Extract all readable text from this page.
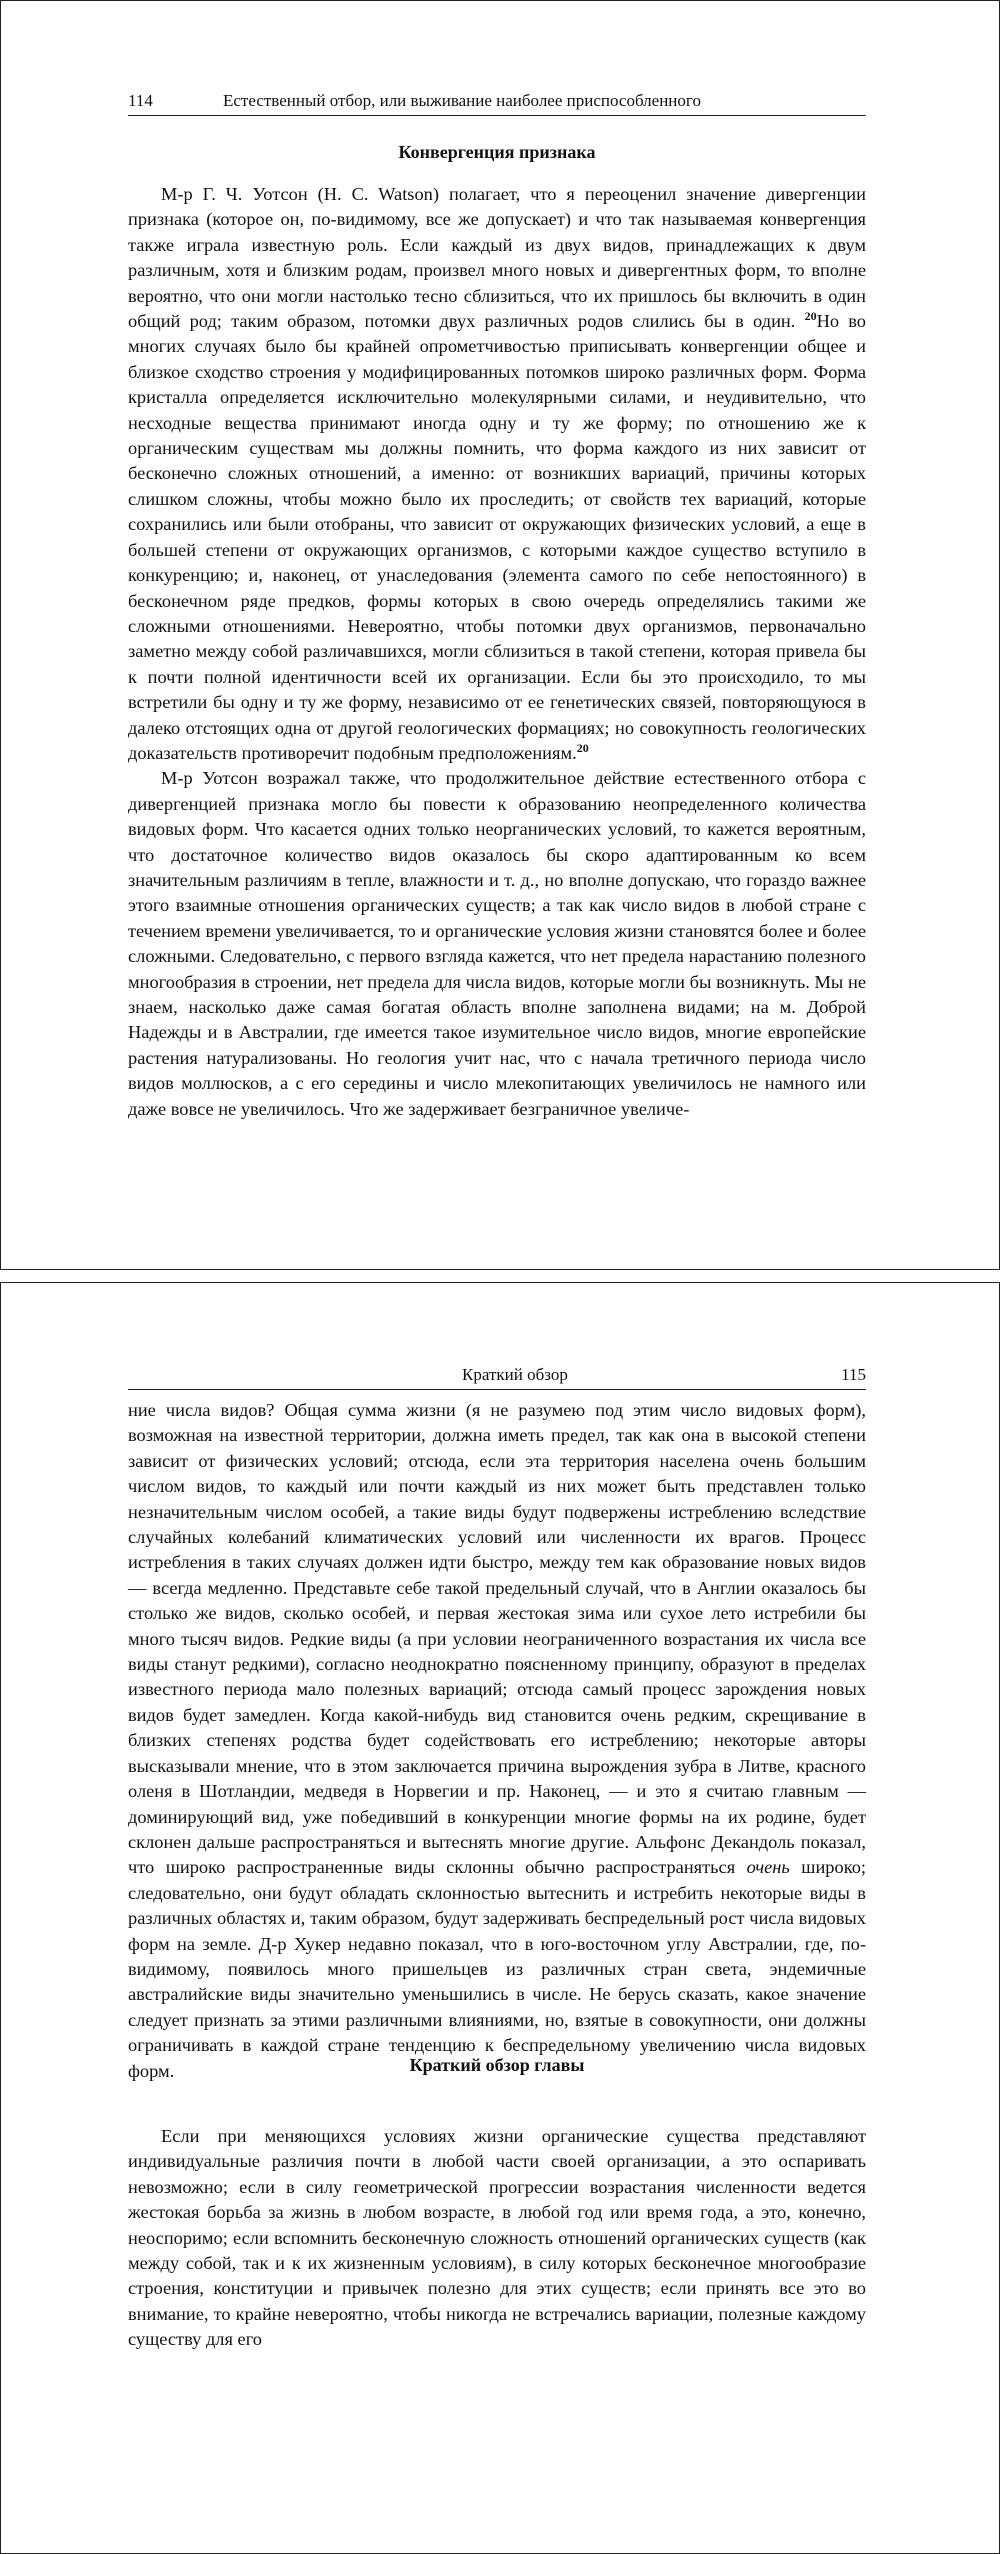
114	Естественный отбор, или выживание наиболее приспособленного
Конвергенция признака

М-р Г. Ч. Уотсон (H. C. Watson) полагает, что я переоценил значение дивергенции признака (которое он, по-видимому, все же допускает) и что так называемая конвергенция также играла известную роль. Если каждый из двух видов, принадлежащих к двум различным, хотя и близким родам, произвел много новых и дивергентных форм, то вполне вероятно, что они могли настолько тесно сблизиться, что их пришлось бы включить в один общий род; таким образом, потомки двух различных родов слились бы в один. $^{20}$Но во многих случаях было бы крайней опрометчивостью приписывать конвергенции общее и близкое сходство строения у модифицированных потомков широко различных форм. Форма кристалла определяется исключительно молекулярными силами, и неудивительно, что несходные вещества принимают иногда одну и ту же форму; по отношению же к органическим существам мы должны помнить, что форма каждого из них зависит от бесконечно сложных отношений, а именно: от возникших вариаций, причины которых слишком сложны, чтобы можно было их проследить; от свойств тех вариаций, которые сохранились или были отобраны, что зависит от окружающих физических условий, а еще в большей степени от окружающих организмов, с которыми каждое существо вступило в конкуренцию; и, наконец, от унаследования (элемента самого по себе непостоянного) в бесконечном ряде предков, формы которых в свою очередь определялись такими же сложными отношениями. Невероятно, чтобы потомки двух организмов, первоначально заметно между собой различавшихся, могли сблизиться в такой степени, которая привела бы к почти полной идентичности всей их организации. Если бы это происходило, то мы встретили бы одну и ту же форму, независимо от ее генетических связей, повторяющуюся в далеко отстоящих одна от другой геологических формациях; но совокупность геологических доказательств противоречит подобным предположениям.$^{20}$

М-р Уотсон возражал также, что продолжительное действие естественного отбора с дивергенцией признака могло бы повести к образованию неопределенного количества видовых форм. Что касается одних только неорганических условий, то кажется вероятным, что достаточное количество видов оказалось бы скоро адаптированным ко всем значительным различиям в тепле, влажности и т. д., но вполне допускаю, что гораздо важнее этого взаимные отношения органических существ; а так как число видов в любой стране с течением времени увеличивается, то и органические условия жизни становятся более и более сложными. Следовательно, с первого взгляда кажется, что нет предела нарастанию полезного многообразия в строении, нет предела для числа видов, которые могли бы возникнуть. Мы не знаем, насколько даже самая богатая область вполне заполнена видами; на м. Доброй Надежды и в Австралии, где имеется такое изумительное число видов, многие европейские растения натурализованы. Но геология учит нас, что с начала третичного периода число видов моллюсков, а с его середины и число млекопитающих увеличилось не намного или даже вовсе не увеличилось. Что же задерживает безграничное увеличе-

Краткий обзор	115

ние числа видов? Общая сумма жизни (я не разумею под этим число видовых форм), возможная на известной территории, должна иметь предел, так как она в высокой степени зависит от физических условий; отсюда, если эта территория населена очень большим числом видов, то каждый или почти каждый из них может быть представлен только незначительным числом особей, а такие виды будут подвержены истреблению вследствие случайных колебаний климатических условий или численности их врагов. Процесс истребления в таких случаях должен идти быстро, между тем как образование новых видов — всегда медленно. Представьте себе такой предельный случай, что в Англии оказалось бы столько же видов, сколько особей, и первая жестокая зима или сухое лето истребили бы много тысяч видов. Редкие виды (а при условии неограниченного возрастания их числа все виды станут редкими), согласно неоднократно поясненному принципу, образуют в пределах известного периода мало полезных вариаций; отсюда самый процесс зарождения новых видов будет замедлен. Когда какой-нибудь вид становится очень редким, скрещивание в близких степенях родства будет содействовать его истреблению; некоторые авторы высказывали мнение, что в этом заключается причина вырождения зубра в Литве, красного оленя в Шотландии, медведя в Норвегии и пр. Наконец, — и это я считаю главным — доминирующий вид, уже победивший в конкуренции многие формы на их родине, будет склонен дальше распространяться и вытеснять многие другие. Альфонс Декандоль показал, что широко распространенные виды склонны обычно распространяться очень широко; следовательно, они будут обладать склонностью вытеснить и истребить некоторые виды в различных областях и, таким образом, будут задерживать беспредельный рост числа видовых форм на земле. Д-р Хукер недавно показал, что в юго-восточном углу Австралии, где, по-видимому, появилось много пришельцев из различных стран света, эндемичные австралийские виды значительно уменьшились в числе. Не берусь сказать, какое значение следует признать за этими различными влияниями, но, взятые в совокупности, они должны ограничивать в каждой стране тенденцию к беспредельному увеличению числа видовых форм.	Краткий обзор главы

Если при меняющихся условиях жизни органические существа представляют индивидуальные различия почти в любой части своей организации, а это оспаривать невозможно; если в силу геометрической прогрессии возрастания численности ведется жестокая борьба за жизнь в любом возрасте, в любой год или время года, а это, конечно, неоспоримо; если вспомнить бесконечную сложность отношений органических существ (как между собой, так и к их жизненным условиям), в силу которых бесконечное многообразие строения, конституции и привычек полезно для этих существ; если принять все это во внимание, то крайне невероятно, чтобы никогда не встречались вариации, полезные каждому существу для его
